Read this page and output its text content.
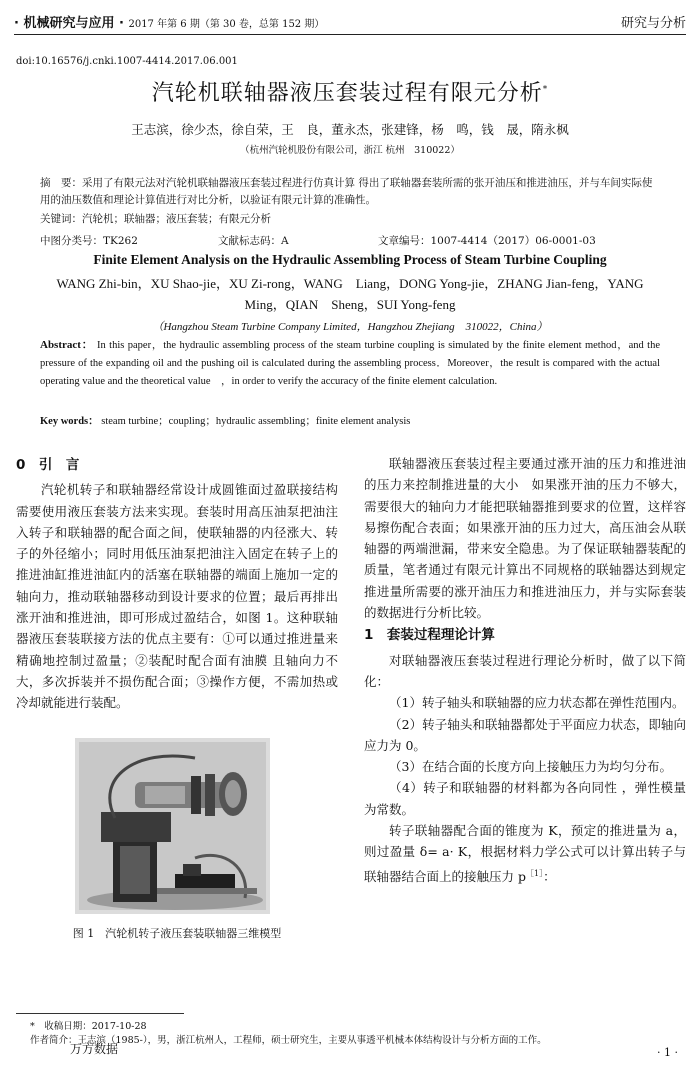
· 机械研究与应用 · 2017 年第 6 期（第 30 卷，总第 152 期）	研究与分析
doi:10.16576/j.cnki.1007-4414.2017.06.001
汽轮机联轴器液压套装过程有限元分析*
王志滨，徐少杰，徐自荣，王　良，董永杰，张建锋，杨　鸣，钱　晟，隋永枫
（杭州汽轮机股份有限公司，浙江 杭州　310022）
摘　要：采用了有限元法对汽轮机联轴器液压套装过程进行仿真计算 得出了联轴器套装所需的张开油压和推进油压，并与车间实际使用的油压数值和理论计算值进行对比分析，以验证有限元计算的准确性。
关键词：汽轮机；联轴器；液压套装；有限元分析
中图分类号：TK262	文献标志码：A	文章编号：1007-4414（2017）06-0001-03
Finite Element Analysis on the Hydraulic Assembling Process of Steam Turbine Coupling
WANG Zhi-bin，XU Shao-jie，XU Zi-rong，WANG　Liang，DONG Yong-jie，ZHANG Jian-feng，YANG　Ming，QIAN　Sheng，SUI Yong-feng
（Hangzhou Steam Turbine Company Limited，Hangzhou Zhejiang　310022，China）
Abstract： In this paper，the hydraulic assembling process of the steam turbine coupling is simulated by the finite element method，and the pressure of the expanding oil and the pushing oil is calculated during the assembling process．Moreover，the result is compared with the actual operating value and the theoretical value　，in order to verify the accuracy of the finite element calculation.
Key words： steam turbine；coupling；hydraulic assembling；finite element analysis
0　引　言

汽轮机转子和联轴器经常设计成圆锥面过盈联接结构需要使用液压套装方法来实现。套装时用高压油泵把油注入转子和联轴器的配合面之间，使联轴器的内径涨大、转子的外径缩小；同时用低压油泵把油注入固定在转子上的推进油缸推进油缸内的活塞在联轴器的端面上施加一定的轴向力，推动联轴器移动到设计要求的位置；最后再排出涨开油和推进油，即可形成过盈结合，如图 1。这种联轴器液压套装联接方法的优点主要有：①可以通过推进量来精确地控制过盈量；②装配时配合面有油膜 且轴向力不大，多次拆装并不损伤配合面；③操作方便，不需加热或冷却就能进行装配。

图 1　汽轮机转子液压套装联轴器三维模型

联轴器液压套装过程主要通过涨开油的压力和推进油的压力来控制推进量的大小　如果涨开油的压力不够大，需要很大的轴向力才能把联轴器推到要求的位置，这样容易擦伤配合表面；如果涨开油的压力过大，高压油会从联轴器的两端泄漏，带来安全隐患。为了保证联轴器装配的质量，笔者通过有限元计算出不同规格的联轴器达到规定推进量所需要的涨开油压力和推进油压力，并与实际套装的数据进行分析比较。

1　套装过程理论计算

对联轴器液压套装过程进行理论分析时，做了以下简化：

（1）转子轴头和联轴器的应力状态都在弹性范围内。

（2）转子轴头和联轴器都处于平面应力状态，即轴向应力为 0。

（3）在结合面的长度方向上接触压力为均匀分布。

（4）转子和联轴器的材料都为各向同性 ，弹性模量为常数。

转子联轴器配合面的锥度为 K，预定的推进量为 a，则过盈量 δ= a· K，根据材料力学公式可以计算出转子与联轴器结合面上的接触压力 $p^{[1]}$：

*　 收稿日期：2017-10-28
作者简介：王志滨（1985-），男，浙江杭州人，工程师，硕士研究生，主要从事透平机械本体结构设计与分析方面的工作。
万方数据	· 1 ·
